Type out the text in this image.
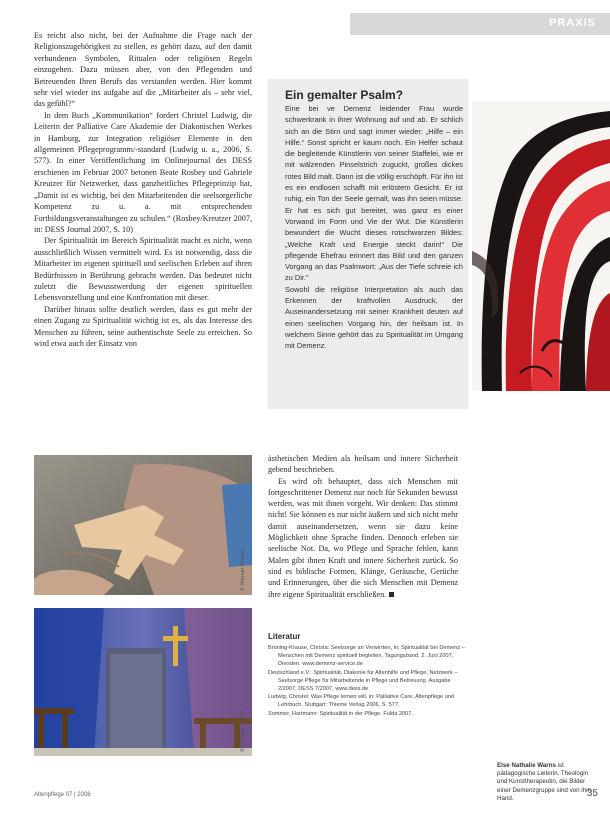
PRAXIS

Es reicht also nicht, bei der Aufnahme die Frage nach der Religionszugehörigkeit zu stellen, es gehört dazu, auf den damit verbundenen Symbolen, Ritualen oder religiösen Regeln einzugehen. Dazu müssen aber, von den Pflegenden und Betreuenden Ihren Berufs das verstanden werden. Hier kommt sehr viel wieder ins aufgabe auf die „Mitarbeiter als – sehr viel, das gefühl?“

In dem Buch „Kommunikation“ fordert Christel Ludwig, die Leiterin der Palliative Care Akademie der Diakonischen Werkes in Hamburg, zur Integration religiöser Elemente in den allgemeinen Pflegeprogramm/-standard (Ludwig u. a., 2006, S. 577). In einer Veröffentlichung im Onlinejournal des DESS erschienen im Februar 2007 betonen Beate Rosbey und Gabriele Kreutzer für Netzwerker, dass ganzheitliches Pflegeprinzip hat, „Damit ist es wichtig, bei den Mitarbeitenden die seelsorgerliche Kompetenz zu u. a. mit entsprechenden Fortbildungsveranstaltungen zu schulen.“ (Rosbey/Kreutzer 2007, in: DESS Journal 2007, S. 10)

Der Spiritualität im Bereich Spiritualität macht es nicht, wenn ausschließlich Wissen vermittelt wird. Es ist notwendig, dass die Mitarbeiter im eigenen spirituell und seelischen Erleben auf ihren Bedürfnissen in Berührung gebracht werden. Das bedeutet nicht zuletzt die Bewusstwerdung der eigenen spirituellen Lebensvorstellung und eine Konfrontation mit dieser.

Darüber hinaus sollte deutlich werden, dass es gut mehr der einen Zugang zu Spiritualität wichtig ist es, als das Interesse des Menschen zu führen, seine authentischste Seele zu erreichen. So wird etwa auch der Einsatz von

Ein gemalter Psalm?

Eine bei ve Demenz leidender Frau wurde schwerkrank in ihrer Wohnung auf und ab. Er schlich sich an die Stirn und sagt immer wieder: „Hilfe – ein Hilfe.“ Sonst spricht er kaum noch. Ein Helfer schaut die begleitende Künstlerin von seiner Staffelei, wie er mit wälzenden Pinselstrich zuguckt, großes dickes rotes Bild malt. Dann ist die völlig erschöpft. Für ihn ist es ein endlosen schafft mit erlöstem Gesicht. Er ist ruhig, ein Ton der Seele gemalt, was ihn seien müsse. Er hat es sich gut bereitet, was ganz es einer Vorwand im Form und Vie der Wut. Die Künstlerin bewundert die Wucht dieses rotschwarzen Bildes: „Welche Kraft und Energie steckt darin!“ Die pflegende Ehefrau erinnert das Bild und den ganzen Vorgang an das Psalmwort: „Aus der Tiefe schreie ich zu Dir.“

Sowohl die religiöse Interpretation als auch das Erkennen der kraftvollen Ausdruck, der Auseinandersetzung mit seiner Krankheit deuten auf einen seelischen Vorgang hin, der heilsam ist. In welchem Sinne gehört das zu Spiritualität im Umgang mit Demenz.

© Werner Krüper
© Prosper/Kiteeli

ästhetischen Medien als heilsam und innere Sicherheit gebend beschrieben.

Es wird oft behauptet, dass sich Menschen mit fortgeschrittener Demenz nur noch für Sekunden bewusst werden, was mit ihnen vorgeht. Wir denken: Das stimmt nicht! Sie können es nur nicht äußern und sich nicht mehr damit auseinandersetzen, wenn sie dazu keine Möglichkeit ohne Sprache finden. Dennoch erleben sie seelische Not. Da, wo Pflege und Sprache fehlen, kann Malen gibt ihnen Kraft und innere Sicherheit zurück. So sind es biblische Formen, Klänge, Geräusche, Gerüche und Erinnerungen, über die sich Menschen mit Demenz ihre eigene Spiritualität erschließen.

Literatur

Brüning-Krause, Christa: Seelsorge an Verwirrten, in: Spiritualität bei Demenz – Menschen mit Demenz spirituell begleiten. Tagungsband, 2. Juni 2007, Dresden. www.demenz-service.de

Deutschland e.V.: Spiritualität, Diakonie für Altenhilfe und Pflege, Netzwerk – Seelsorge Pflege für Mitarbeitende in Pflege und Betreuung. Ausgabe 2/2007, DESS 7/2007, www.dess.de

Ludwig, Christel: Was Pflege lernen will, in: Palliative Care, Altenpflege und Lehrbuch. Stuttgart: Thieme Verlag 2006, S. 577.

Sommer, Hartmann: Spiritualität in der Pflege. Fulda 2007.

Else Nathalie Warns ist pädagogische Leiterin, Theologin und Kunsttherapeutin, die Bilder einer Demenzgruppe sind von ihm Hand.
Altenpflege 07 | 2008	35
